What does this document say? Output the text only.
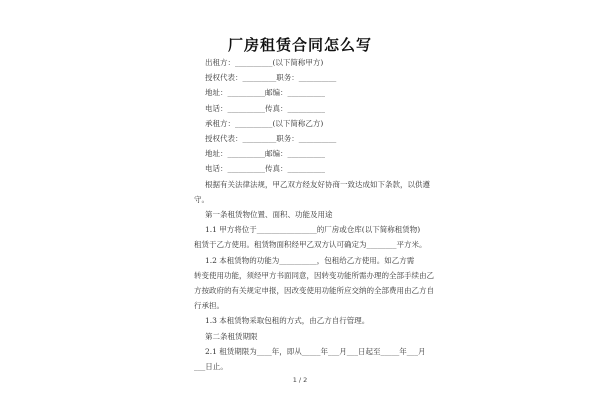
厂房租赁合同怎么写
出租方：__________(以下简称甲方)
授权代表：_________职务：__________
地址：__________邮编：__________
电话：__________传真：__________
承租方：__________(以下简称乙方)
授权代表：_________职务：__________
地址：__________邮编：__________
电话：__________传真：__________
根据有关法律法规，甲乙双方经友好协商一致达成如下条款，以供遵
守。
第一条租赁物位置、面积、功能及用途
1.1 甲方将位于________________的厂房或仓库(以下简称租赁物)
租赁于乙方使用。租赁物面积经甲乙双方认可确定为________平方米。
1.2 本租赁物的功能为__________，包租给乙方使用。如乙方需
转变使用功能，须经甲方书面同意，因转变功能所需办理的全部手续由乙
方按政府的有关规定申报，因改变使用功能所应交纳的全部费用由乙方自
行承担。
1.3 本租赁物采取包租的方式，由乙方自行管理。
第二条租赁期限
2.1 租赁期限为____年，即从_____年___月___日起至_____年___月
___日止。
1 / 2
